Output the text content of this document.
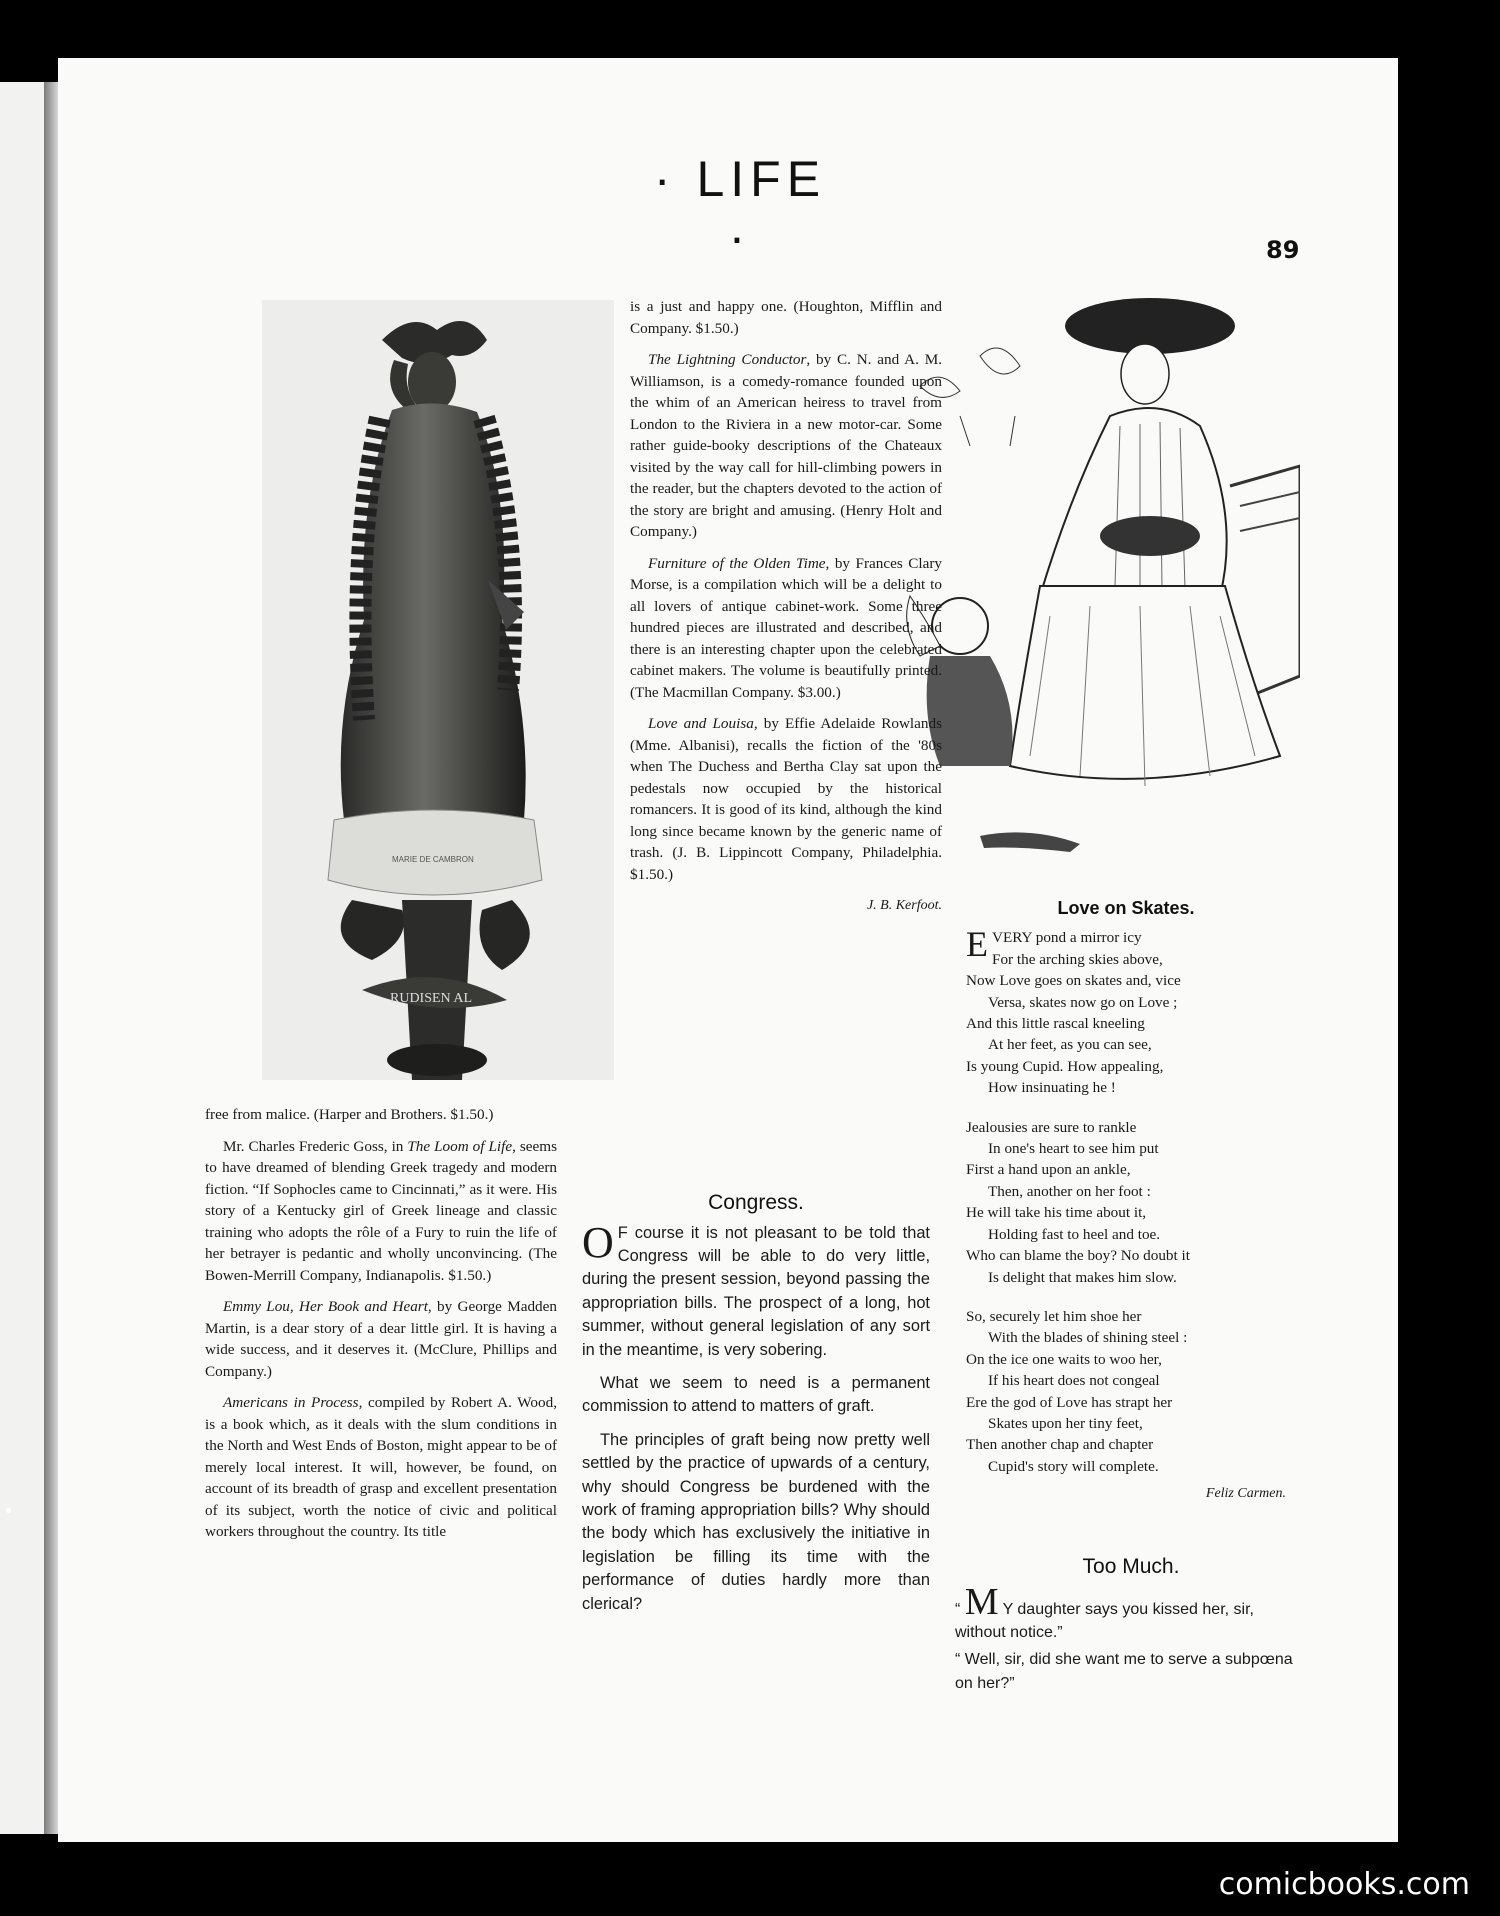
· LIFE ·	89
MARIE DE CAMBRON
RUDISEN AL

free from malice. (Harper and Brothers. $1.50.)

Mr. Charles Frederic Goss, in The Loom of Life, seems to have dreamed of blending Greek tragedy and modern fiction. “If Sophocles came to Cincinnati,” as it were. His story of a Kentucky girl of Greek lineage and classic training who adopts the rôle of a Fury to ruin the life of her betrayer is pedantic and wholly unconvincing. (The Bowen-Merrill Company, Indianapolis. $1.50.)

Emmy Lou, Her Book and Heart, by George Madden Martin, is a dear story of a dear little girl. It is having a wide success, and it deserves it. (McClure, Phillips and Company.)

Americans in Process, compiled by Robert A. Wood, is a book which, as it deals with the slum conditions in the North and West Ends of Boston, might appear to be of merely local interest. It will, however, be found, on account of its breadth of grasp and excellent presentation of its subject, worth the notice of civic and political workers throughout the country. Its title

is a just and happy one. (Houghton, Mifflin and Company. $1.50.)

The Lightning Conductor, by C. N. and A. M. Williamson, is a comedy-romance founded upon the whim of an American heiress to travel from London to the Riviera in a new motor-car. Some rather guide-booky descriptions of the Chateaux visited by the way call for hill-climbing powers in the reader, but the chapters devoted to the action of the story are bright and amusing. (Henry Holt and Company.)

Furniture of the Olden Time, by Frances Clary Morse, is a compilation which will be a delight to all lovers of antique cabinet-work. Some three hundred pieces are illustrated and described, and there is an interesting chapter upon the celebrated cabinet makers. The volume is beautifully printed. (The Macmillan Company. $3.00.)

Love and Louisa, by Effie Adelaide Rowlands (Mme. Albanisi), recalls the fiction of the '80s when The Duchess and Bertha Clay sat upon the pedestals now occupied by the historical romancers. It is good of its kind, although the kind long since became known by the generic name of trash. (J. B. Lippincott Company, Philadelphia. $1.50.)

J. B. Kerfoot.
Congress.

O F course it is not pleasant to be told that Congress will be able to do very little, during the present session, beyond passing the appropriation bills. The prospect of a long, hot summer, without general legislation of any sort in the meantime, is very sobering.

What we seem to need is a permanent commission to attend to matters of graft.

The principles of graft being now pretty well settled by the practice of upwards of a century, why should Congress be burdened with the work of framing appropriation bills? Why should the body which has exclusively the initiative in legislation be filling its time with the performance of duties hardly more than clerical?

Love on Skates.
EVERY pond a mirror icy
For the arching skies above,
Now Love goes on skates and, vice
Versa, skates now go on Love ;
And this little rascal kneeling
At her feet, as you can see,
Is young Cupid. How appealing,
How insinuating he !
Jealousies are sure to rankle
In one's heart to see him put
First a hand upon an ankle,
Then, another on her foot :
He will take his time about it,
Holding fast to heel and toe.
Who can blame the boy? No doubt it
Is delight that makes him slow.
So, securely let him shoe her
With the blades of shining steel :
On the ice one waits to woo her,
If his heart does not congeal
Ere the god of Love has strapt her
Skates upon her tiny feet,
Then another chap and chapter
Cupid's story will complete.
Feliz Carmen.
Too Much.

“ M Y daughter says you kissed her, sir, without notice.”

“ Well, sir, did she want me to serve a subpœna on her?”

comicbooks.com
